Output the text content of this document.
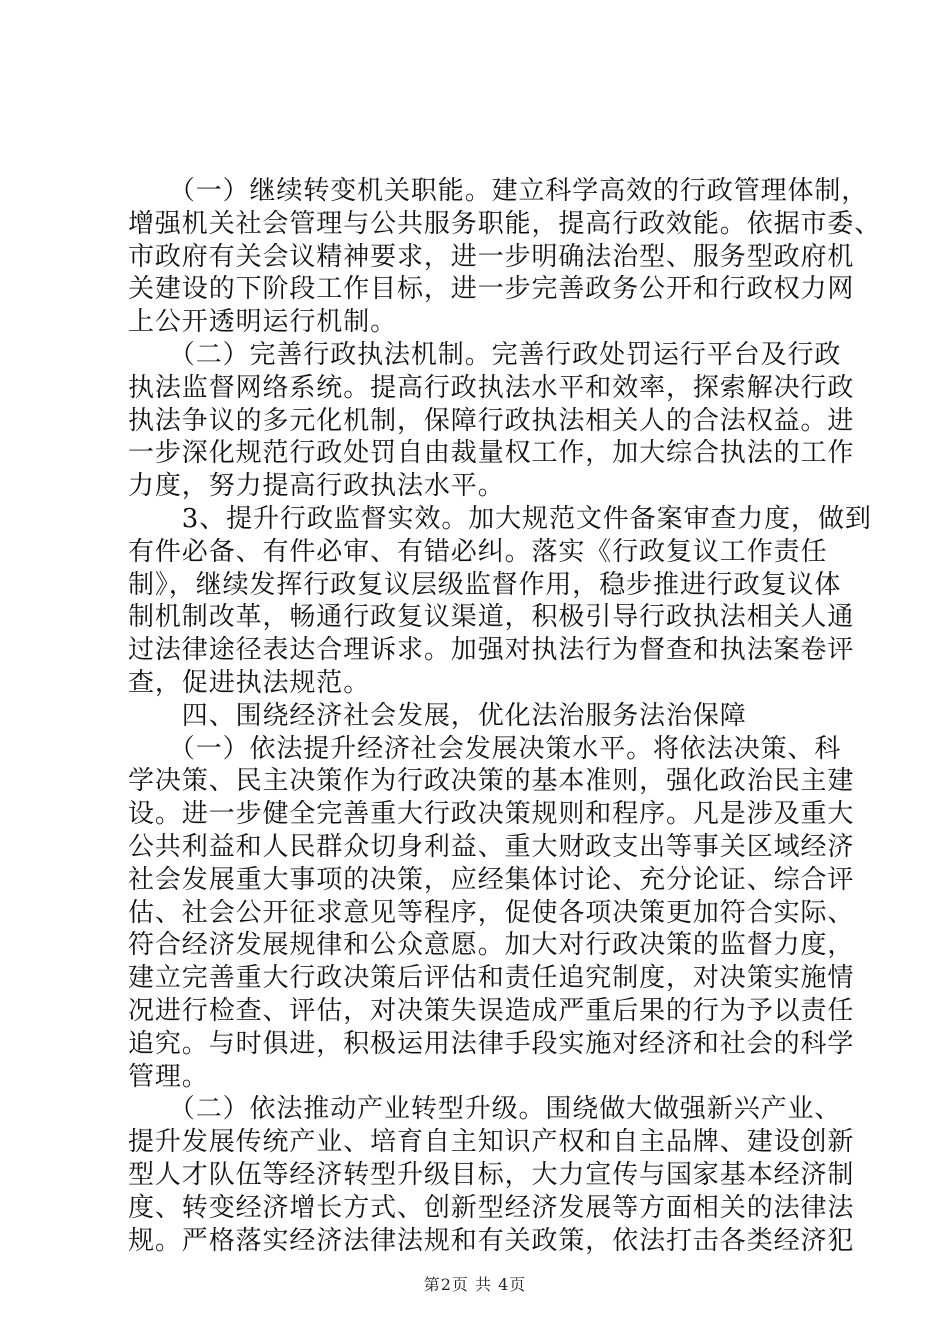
　　（一）继续转变机关职能。建立科学高效的行政管理体制，
增强机关社会管理与公共服务职能，提高行政效能。依据市委、
市政府有关会议精神要求，进一步明确法治型、服务型政府机
关建设的下阶段工作目标，进一步完善政务公开和行政权力网
上公开透明运行机制。
　　（二）完善行政执法机制。完善行政处罚运行平台及行政
执法监督网络系统。提高行政执法水平和效率，探索解决行政
执法争议的多元化机制，保障行政执法相关人的合法权益。进
一步深化规范行政处罚自由裁量权工作，加大综合执法的工作
力度，努力提高行政执法水平。
　　3、提升行政监督实效。加大规范文件备案审查力度，做到
有件必备、有件必审、有错必纠。落实《行政复议工作责任
制》，继续发挥行政复议层级监督作用，稳步推进行政复议体
制机制改革，畅通行政复议渠道，积极引导行政执法相关人通
过法律途径表达合理诉求。加强对执法行为督查和执法案卷评
查，促进执法规范。
　　四、围绕经济社会发展，优化法治服务法治保障
　　（一）依法提升经济社会发展决策水平。将依法决策、科
学决策、民主决策作为行政决策的基本准则，强化政治民主建
设。进一步健全完善重大行政决策规则和程序。凡是涉及重大
公共利益和人民群众切身利益、重大财政支出等事关区域经济
社会发展重大事项的决策，应经集体讨论、充分论证、综合评
估、社会公开征求意见等程序，促使各项决策更加符合实际、
符合经济发展规律和公众意愿。加大对行政决策的监督力度，
建立完善重大行政决策后评估和责任追究制度，对决策实施情
况进行检查、评估，对决策失误造成严重后果的行为予以责任
追究。与时俱进，积极运用法律手段实施对经济和社会的科学
管理。
　　（二）依法推动产业转型升级。围绕做大做强新兴产业、
提升发展传统产业、培育自主知识产权和自主品牌、建设创新
型人才队伍等经济转型升级目标，大力宣传与国家基本经济制
度、转变经济增长方式、创新型经济发展等方面相关的法律法
规。严格落实经济法律法规和有关政策，依法打击各类经济犯
第2页 共 4页
